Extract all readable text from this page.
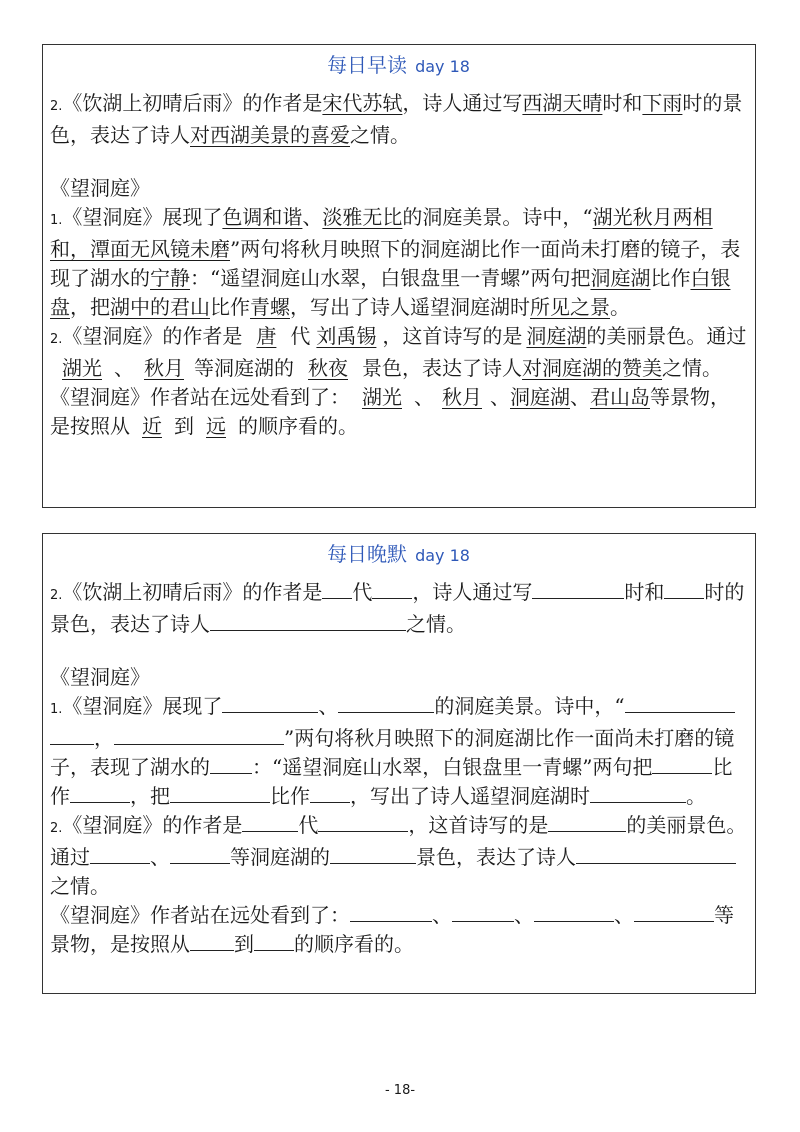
每日早读 day 18
2.《饮湖上初晴后雨》的作者是宋代苏轼，诗人通过写西湖天晴时和下雨时的景色，表达了诗人对西湖美景的喜爱之情。
《望洞庭》
1.《望洞庭》展现了色调和谐、淡雅无比的洞庭美景。诗中，“湖光秋月两相和，潭面无风镜未磨”两句将秋月映照下的洞庭湖比作一面尚未打磨的镜子，表现了湖水的宁静：“遥望洞庭山水翠，白银盘里一青螺”两句把洞庭湖比作白银盘，把湖中的君山比作青螺，写出了诗人遥望洞庭湖时所见之景。
2.《望洞庭》的作者是 唐 代 刘禹锡 ，这首诗写的是 洞庭湖的美丽景色。通过湖光 、 秋月 等洞庭湖的 秋夜 景色，表达了诗人对洞庭湖的赞美之情。
《望洞庭》作者站在远处看到了： 湖光 、 秋月 、洞庭湖、君山岛等景物，是按照从 近 到 远 的顺序看的。
每日晚默 day 18
2.《饮湖上初晴后雨》的作者是 代 ，诗人通过写	时和 时的景色，表达了诗人	之情。
《望洞庭》
1.《望洞庭》展现了	、	的洞庭美景。诗中，“，	”两句将秋月映照下的洞庭湖比作一面尚未打磨的镜子，表现了湖水的 ：“遥望洞庭山水翠，白银盘里一青螺”两句把	比作	，把	比作 ，写出了诗人遥望洞庭湖时	。
2.《望洞庭》的作者是	代	，这首诗写的是	的美丽景色。通过	、	等洞庭湖的	景色，表达了诗人之情。
《望洞庭》作者站在远处看到了：	、	、	、	等景物，是按照从 到 的顺序看的。
- 18-
